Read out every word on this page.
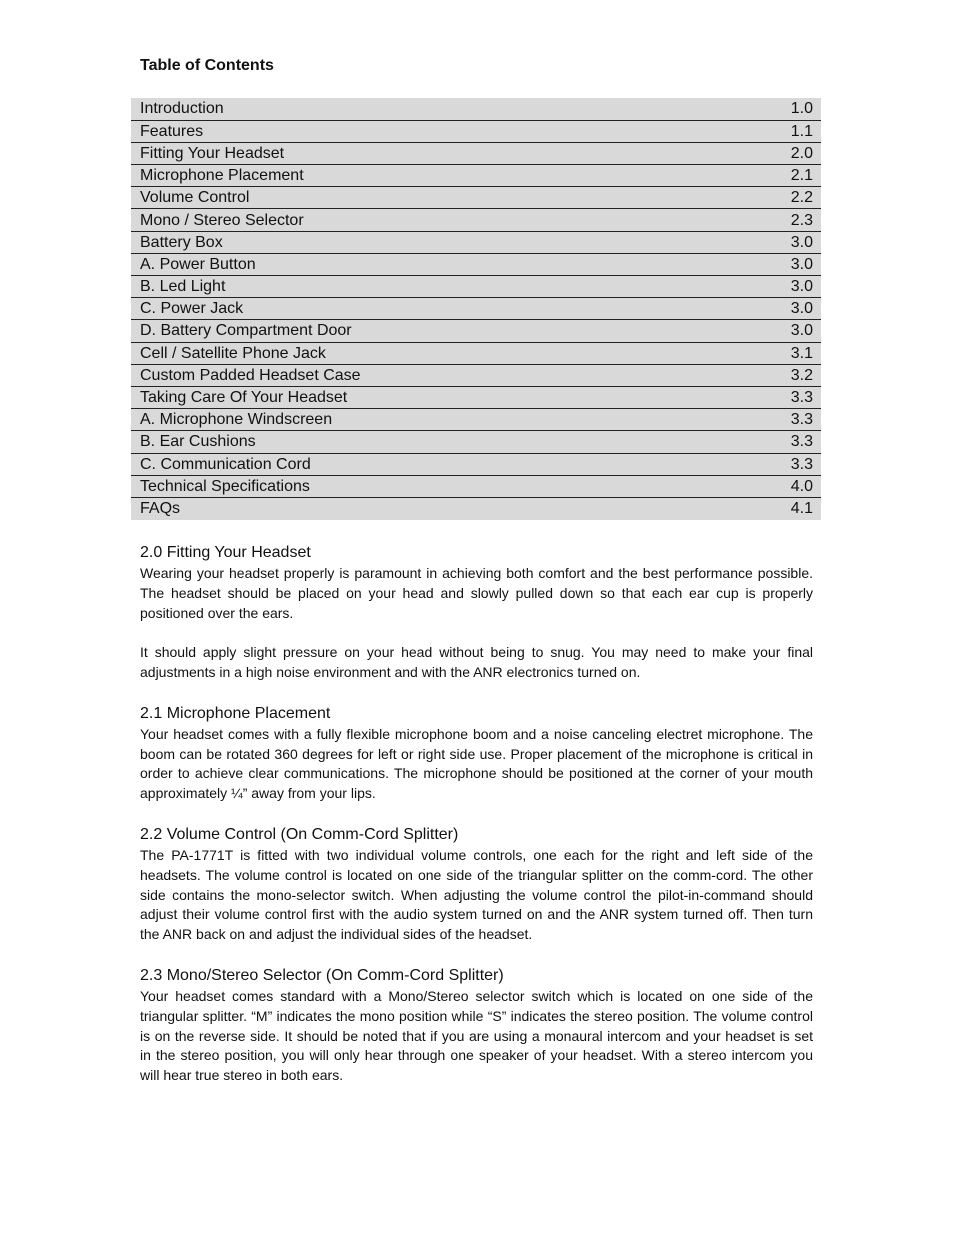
Table of Contents
Introduction	1.0
Features	1.1
Fitting Your Headset	2.0
Microphone Placement	2.1
Volume Control	2.2
Mono / Stereo Selector	2.3
Battery Box	3.0
A. Power Button	3.0
B. Led Light	3.0
C. Power Jack	3.0
D. Battery Compartment Door	3.0
Cell / Satellite Phone Jack	3.1
Custom Padded Headset Case	3.2
Taking Care Of Your Headset	3.3
A. Microphone Windscreen	3.3
B. Ear Cushions	3.3
C. Communication Cord	3.3
Technical Specifications	4.0
FAQs	4.1
2.0 Fitting Your Headset

Wearing your headset properly is paramount in achieving both comfort and the best performance possible. The headset should be placed on your head and slowly pulled down so that each ear cup is properly positioned over the ears.

It should apply slight pressure on your head without being to snug. You may need to make your final adjustments in a high noise environment and with the ANR electronics turned on.

2.1 Microphone Placement

Your headset comes with a fully flexible microphone boom and a noise canceling electret microphone. The boom can be rotated 360 degrees for left or right side use. Proper placement of the microphone is critical in order to achieve clear communications. The microphone should be positioned at the corner of your mouth approximately ¼” away from your lips.

2.2 Volume Control (On Comm-Cord Splitter)

The PA-1771T is fitted with two individual volume controls, one each for the right and left side of the headsets. The volume control is located on one side of the triangular splitter on the comm-cord. The other side contains the mono-selector switch. When adjusting the volume control the pilot-in-command should adjust their volume control first with the audio system turned on and the ANR system turned off. Then turn the ANR back on and adjust the individual sides of the headset.

2.3 Mono/Stereo Selector (On Comm-Cord Splitter)

Your headset comes standard with a Mono/Stereo selector switch which is located on one side of the triangular splitter. “M” indicates the mono position while “S” indicates the stereo position. The volume control is on the reverse side. It should be noted that if you are using a monaural intercom and your headset is set in the stereo position, you will only hear through one speaker of your headset. With a stereo intercom you will hear true stereo in both ears.
